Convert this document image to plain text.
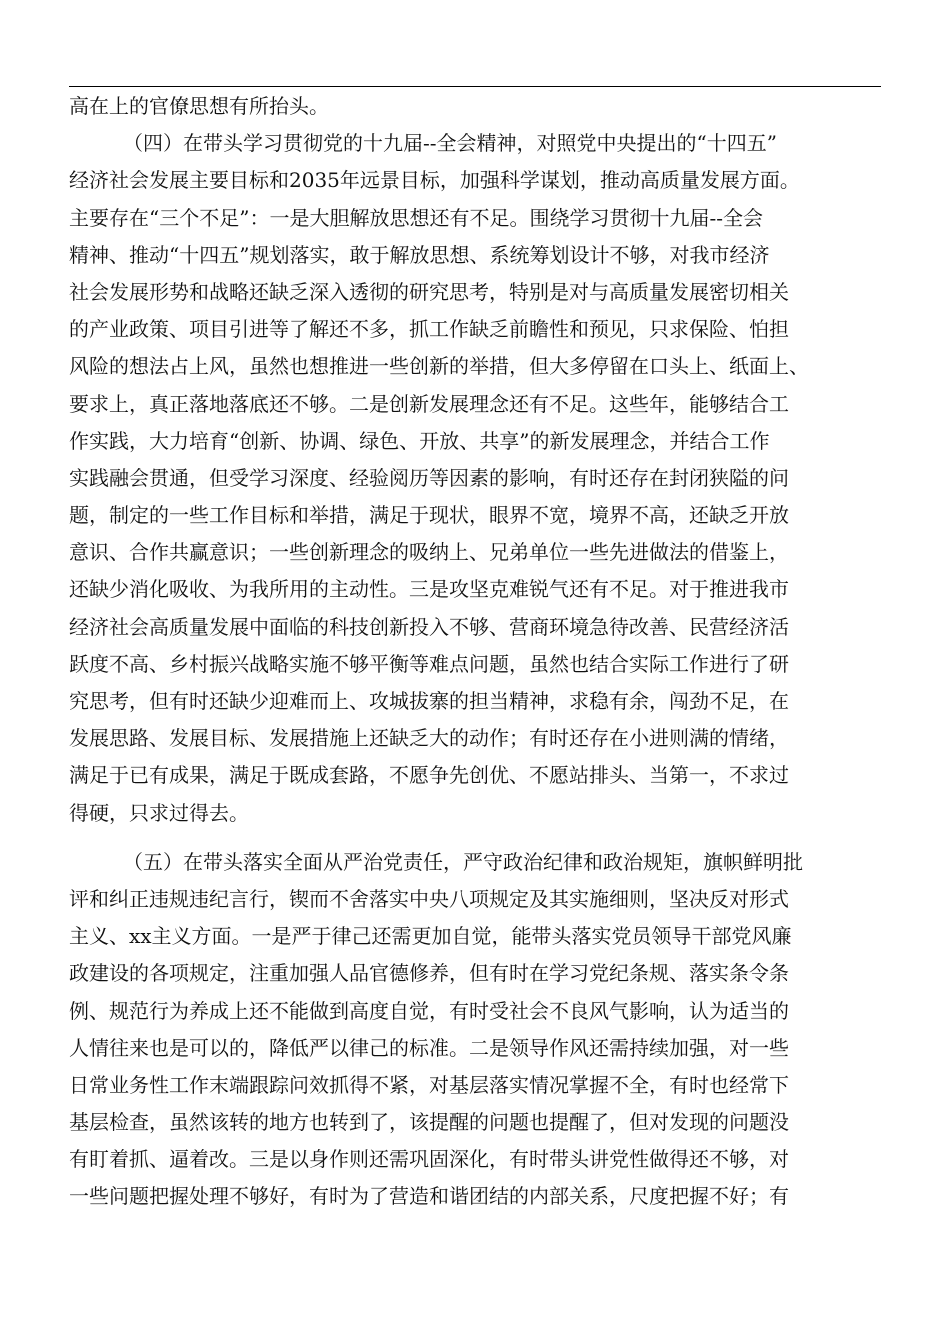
高在上的官僚思想有所抬头。
（四）在带头学习贯彻党的十九届--全会精神，对照党中央提出的“十四五”
经济社会发展主要目标和2035年远景目标，加强科学谋划，推动高质量发展方面。
主要存在“三个不足”：一是大胆解放思想还有不足。围绕学习贯彻十九届--全会
精神、推动“十四五”规划落实，敢于解放思想、系统筹划设计不够，对我市经济
社会发展形势和战略还缺乏深入透彻的研究思考，特别是对与高质量发展密切相关
的产业政策、项目引进等了解还不多，抓工作缺乏前瞻性和预见，只求保险、怕担
风险的想法占上风，虽然也想推进一些创新的举措，但大多停留在口头上、纸面上、
要求上，真正落地落底还不够。二是创新发展理念还有不足。这些年，能够结合工
作实践，大力培育“创新、协调、绿色、开放、共享”的新发展理念，并结合工作
实践融会贯通，但受学习深度、经验阅历等因素的影响，有时还存在封闭狭隘的问
题，制定的一些工作目标和举措，满足于现状，眼界不宽，境界不高，还缺乏开放
意识、合作共赢意识；一些创新理念的吸纳上、兄弟单位一些先进做法的借鉴上，
还缺少消化吸收、为我所用的主动性。三是攻坚克难锐气还有不足。对于推进我市
经济社会高质量发展中面临的科技创新投入不够、营商环境急待改善、民营经济活
跃度不高、乡村振兴战略实施不够平衡等难点问题，虽然也结合实际工作进行了研
究思考，但有时还缺少迎难而上、攻城拔寨的担当精神，求稳有余，闯劲不足，在
发展思路、发展目标、发展措施上还缺乏大的动作；有时还存在小进则满的情绪，
满足于已有成果，满足于既成套路，不愿争先创优、不愿站排头、当第一，不求过
得硬，只求过得去。
（五）在带头落实全面从严治党责任，严守政治纪律和政治规矩，旗帜鲜明批
评和纠正违规违纪言行，锲而不舍落实中央八项规定及其实施细则，坚决反对形式
主义、xx主义方面。一是严于律己还需更加自觉，能带头落实党员领导干部党风廉
政建设的各项规定，注重加强人品官德修养，但有时在学习党纪条规、落实条令条
例、规范行为养成上还不能做到高度自觉，有时受社会不良风气影响，认为适当的
人情往来也是可以的，降低严以律己的标准。二是领导作风还需持续加强，对一些
日常业务性工作末端跟踪问效抓得不紧，对基层落实情况掌握不全，有时也经常下
基层检查，虽然该转的地方也转到了，该提醒的问题也提醒了，但对发现的问题没
有盯着抓、逼着改。三是以身作则还需巩固深化，有时带头讲党性做得还不够，对
一些问题把握处理不够好，有时为了营造和谐团结的内部关系，尺度把握不好；有
